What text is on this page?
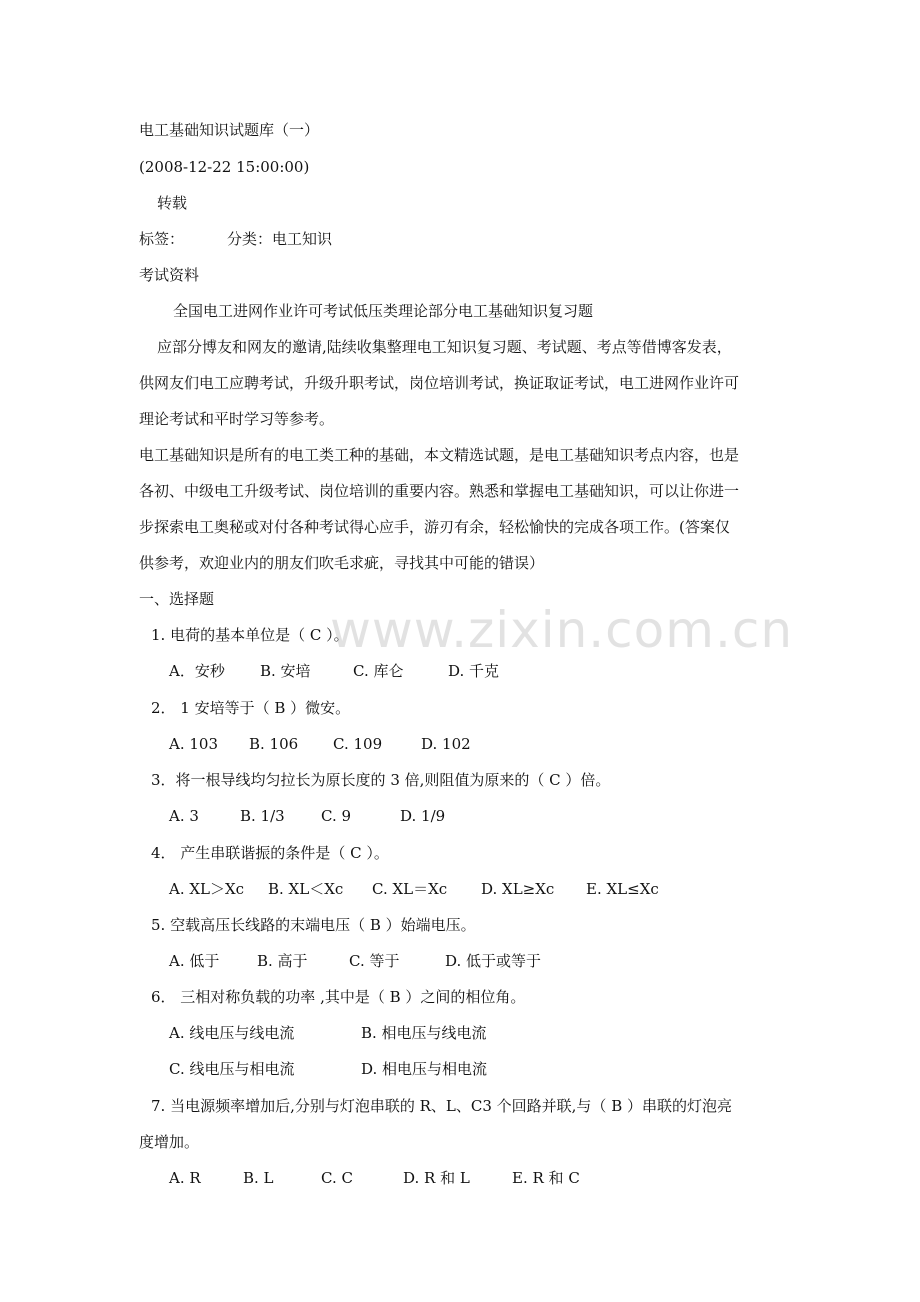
电工基础知识试题库（一）
(2008-12-22 15:00:00)
转载
标签：	分类：电工知识
考试资料
全国电工进网作业许可考试低压类理论部分电工基础知识复习题
应部分博友和网友的邀请,陆续收集整理电工知识复习题、考试题、考点等借博客发表，
供网友们电工应聘考试，升级升职考试，岗位培训考试，换证取证考试，电工进网作业许可
理论考试和平时学习等参考。
电工基础知识是所有的电工类工种的基础，本文精选试题，是电工基础知识考点内容，也是
各初、中级电工升级考试、岗位培训的重要内容。熟悉和掌握电工基础知识，可以让你进一
步探索电工奥秘或对付各种考试得心应手，游刃有余，轻松愉快的完成各项工作。(答案仅
供参考，欢迎业内的朋友们吹毛求疵，寻找其中可能的错误）
一、选择题
1. 电荷的基本单位是（ C ）。
A．安秒 B. 安培	C. 库仑	D. 千克
2． 1 安培等于（ B ）微安。
A. 103 B. 106 C. 109	D. 102
3．将一根导线均匀拉长为原长度的 3 倍,则阻值为原来的（ C ）倍。
A. 3	B. 1/3 C. 9	D. 1/9
4． 产生串联谐振的条件是（ C ）。
A. XL＞Xc B. XL＜Xc C. XL＝Xc D. XL≥Xc E. XL≤Xc
5. 空载高压长线路的末端电压（ B ）始端电压。
A. 低于	B. 高于	C. 等于	D. 低于或等于
6． 三相对称负载的功率 ,其中是（ B ）之间的相位角。
A. 线电压与线电流	B. 相电压与线电流
C. 线电压与相电流	D. 相电压与相电流
7. 当电源频率增加后,分别与灯泡串联的 R、L、C3 个回路并联,与（ B ）串联的灯泡亮
度增加。
A. R	B. L	C. C	D. R 和 L	E. R 和 C
www.zixin.com.cn
